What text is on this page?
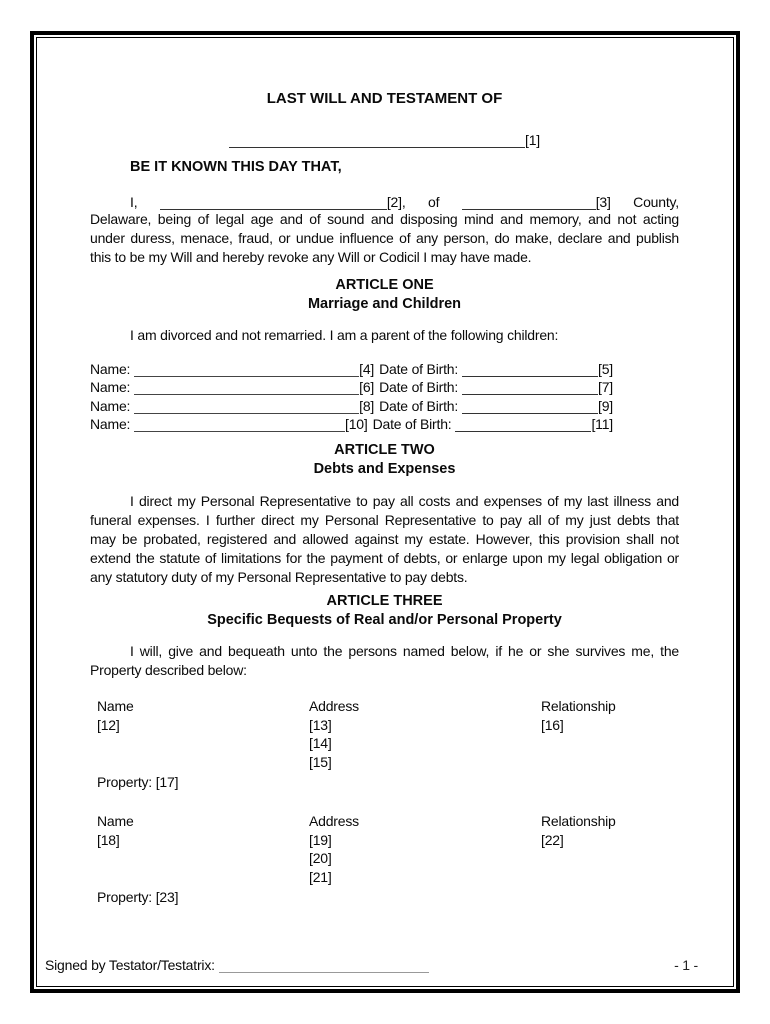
LAST WILL AND TESTAMENT OF
[1]
BE IT KNOWN THIS DAY THAT,
I,	[2], of	[3] County,
Delaware, being of legal age and of sound and disposing mind and memory, and not acting
under duress, menace, fraud, or undue influence of any person, do make, declare and publish
this to be my Will and hereby revoke any Will or Codicil I may have made.
ARTICLE ONE
Marriage and Children
I am divorced and not remarried. I am a parent of the following children:
Name:	[4] Date of Birth:	[5]
Name:	[6] Date of Birth:	[7]
Name:	[8] Date of Birth:	[9]
Name:	[10] Date of Birth:	[11]
ARTICLE TWO
Debts and Expenses
I direct my Personal Representative to pay all costs and expenses of my last illness and
funeral expenses. I further direct my Personal Representative to pay all of my just debts that
may be probated, registered and allowed against my estate. However, this provision shall not
extend the statute of limitations for the payment of debts, or enlarge upon my legal obligation or
any statutory duty of my Personal Representative to pay debts.
ARTICLE THREE
Specific Bequests of Real and/or Personal Property
I will, give and bequeath unto the persons named below, if he or she survives me, the
Property described below:
Name	Address	Relationship
[12]	[13]	[16]
[14]
[15]
Property: [17]
Name	Address	Relationship
[18]	[19]	[22]
[20]
[21]
Property: [23]
Signed by Testator/Testatrix:	- 1 -
